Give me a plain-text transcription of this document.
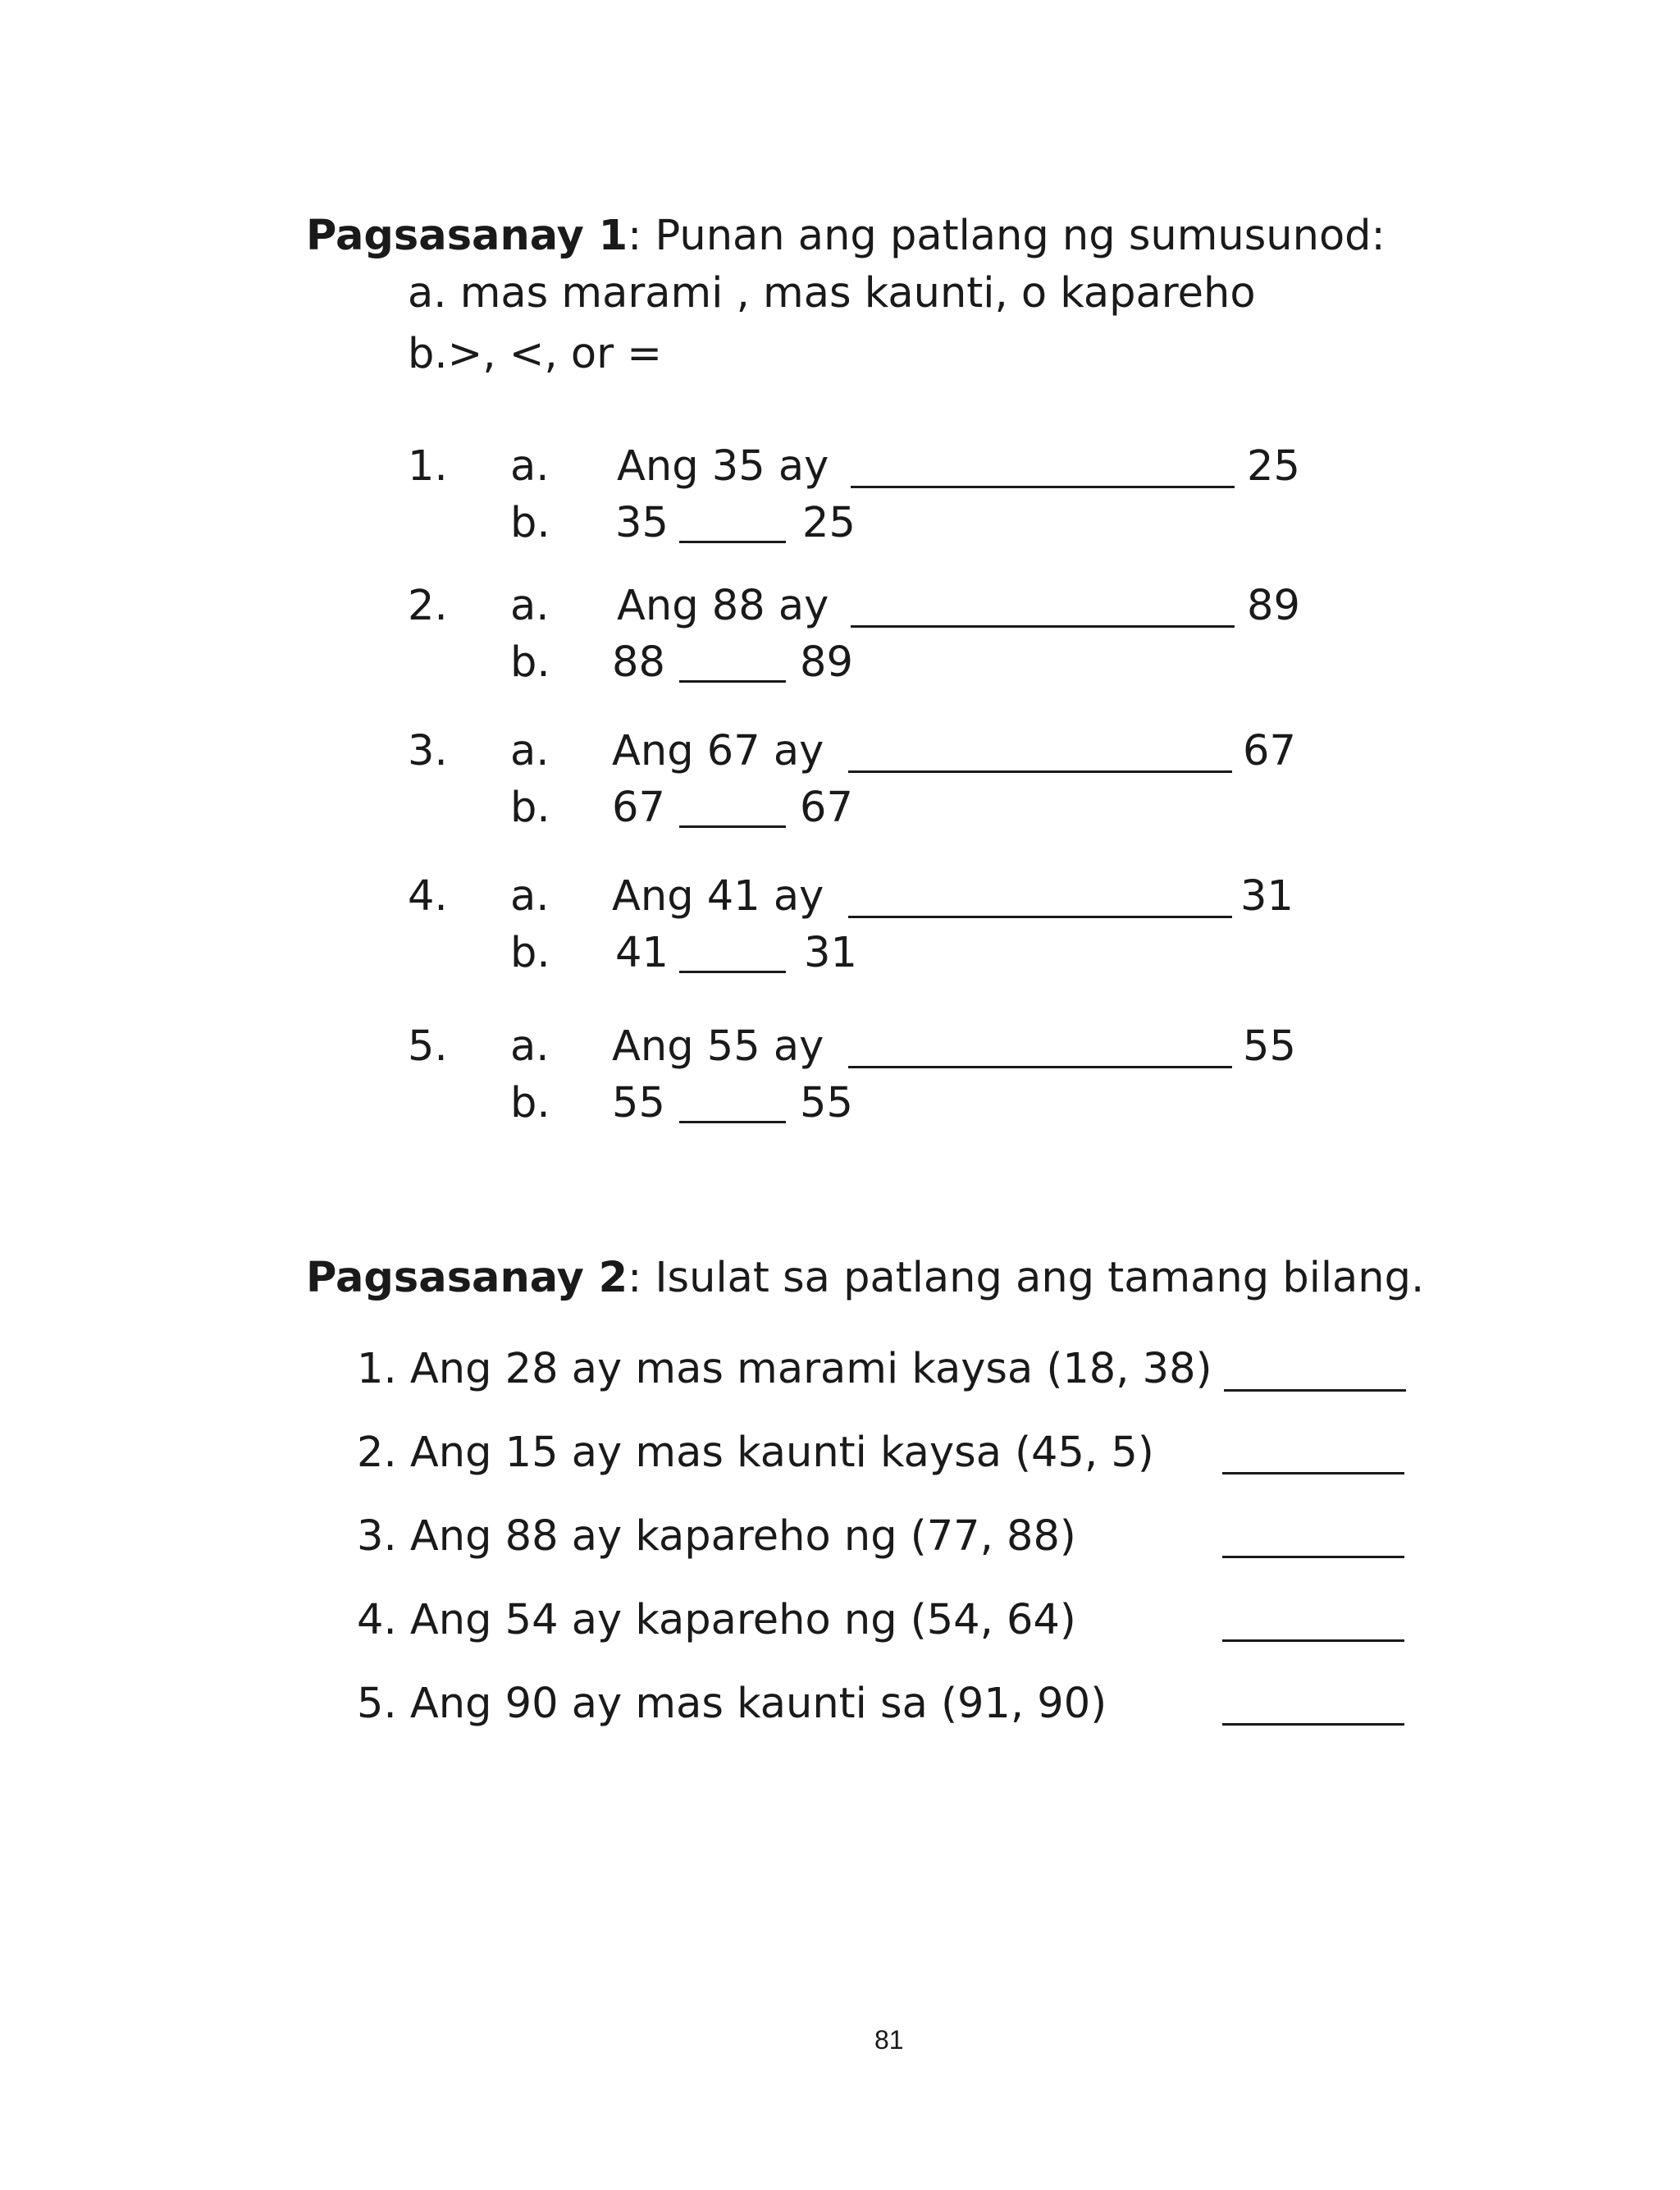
Pagsasanay 1: Punan ang patlang ng sumusunod:
a. mas marami , mas kaunti, o kapareho
b.>, <, or =
1. a. Ang 35 ay	25
b. 35	25
2. a. Ang 88 ay	89
b. 88	89
3. a. Ang 67 ay	67
b. 67	67
4. a. Ang 41 ay	31
b. 41	31
5. a. Ang 55 ay	55
b. 55	55
Pagsasanay 2: Isulat sa patlang ang tamang bilang.
1. Ang 28 ay mas marami kaysa (18, 38)
2. Ang 15 ay mas kaunti kaysa (45, 5)
3. Ang 88 ay kapareho ng (77, 88)
4. Ang 54 ay kapareho ng (54, 64)
5. Ang 90 ay mas kaunti sa (91, 90)
81
